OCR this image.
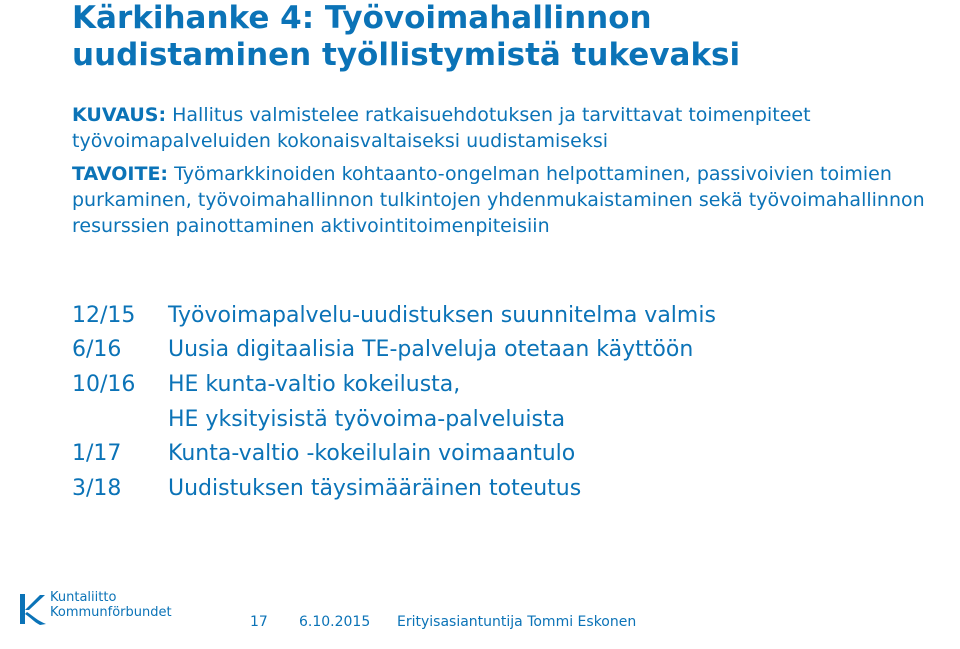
Kärkihanke 4: Työvoimahallinnon
uudistaminen työllistymistä tukevaksi

KUVAUS: Hallitus valmistelee ratkaisuehdotuksen ja tarvittavat toimenpiteet työvoimapalveluiden kokonaisvaltaiseksi uudistamiseksi

TAVOITE: Työmarkkinoiden kohtaanto-ongelman helpottaminen, passivoivien toimien purkaminen, työvoimahallinnon tulkintojen yhdenmukaistaminen sekä työvoimahallinnon resurssien painottaminen aktivointitoimenpiteisiin

12/15	Työvoimapalvelu-uudistuksen suunnitelma valmis
6/16	Uusia digitaalisia TE-palveluja otetaan käyttöön
10/16	HE kunta-valtio kokeilusta,
HE yksityisistä työvoima-palveluista
1/17	Kunta-valtio -kokeilulain voimaantulo
3/18	Uudistuksen täysimääräinen toteutus
Kuntaliitto
Kommunförbundet
17 6.10.2015 Erityisasiantuntija Tommi Eskonen
